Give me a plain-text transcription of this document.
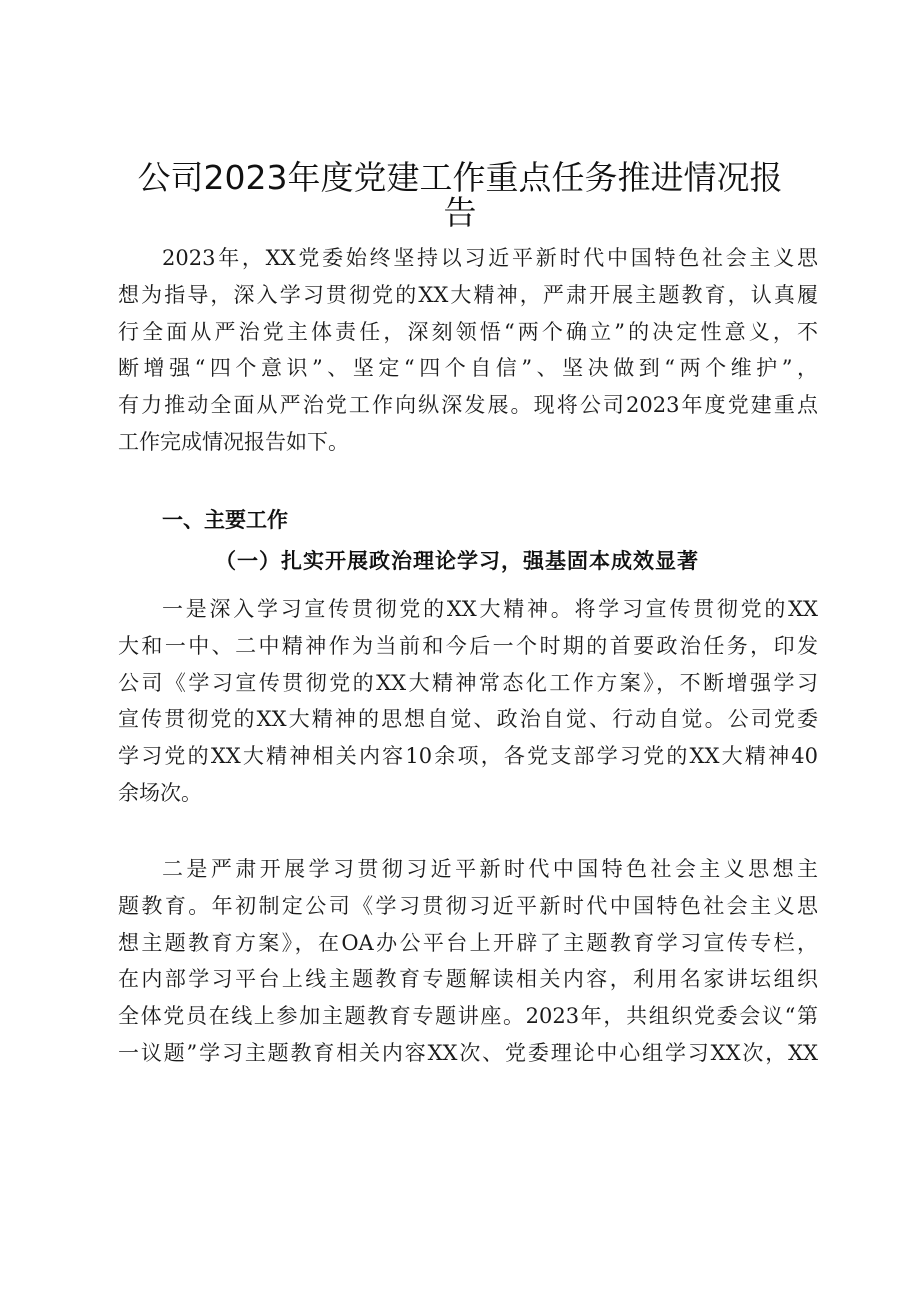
公司2023年度党建工作重点任务推进情况报
告
2023年，XX党委始终坚持以习近平新时代中国特色社会主义思
想为指导，深入学习贯彻党的XX大精神，严肃开展主题教育，认真履
行全面从严治党主体责任，深刻领悟“两个确立”的决定性意义，不
断增强“四个意识”、坚定“四个自信”、坚决做到“两个维护”，
有力推动全面从严治党工作向纵深发展。现将公司2023年度党建重点
工作完成情况报告如下。
一、主要工作
（一）扎实开展政治理论学习，强基固本成效显著
一是深入学习宣传贯彻党的XX大精神。将学习宣传贯彻党的XX
大和一中、二中精神作为当前和今后一个时期的首要政治任务，印发
公司《学习宣传贯彻党的XX大精神常态化工作方案》，不断增强学习
宣传贯彻党的XX大精神的思想自觉、政治自觉、行动自觉。公司党委
学习党的XX大精神相关内容10余项，各党支部学习党的XX大精神40
余场次。
二是严肃开展学习贯彻习近平新时代中国特色社会主义思想主
题教育。年初制定公司《学习贯彻习近平新时代中国特色社会主义思
想主题教育方案》，在OA办公平台上开辟了主题教育学习宣传专栏，
在内部学习平台上线主题教育专题解读相关内容，利用名家讲坛组织
全体党员在线上参加主题教育专题讲座。2023年，共组织党委会议“第
一议题”学习主题教育相关内容XX次、党委理论中心组学习XX次，XX
